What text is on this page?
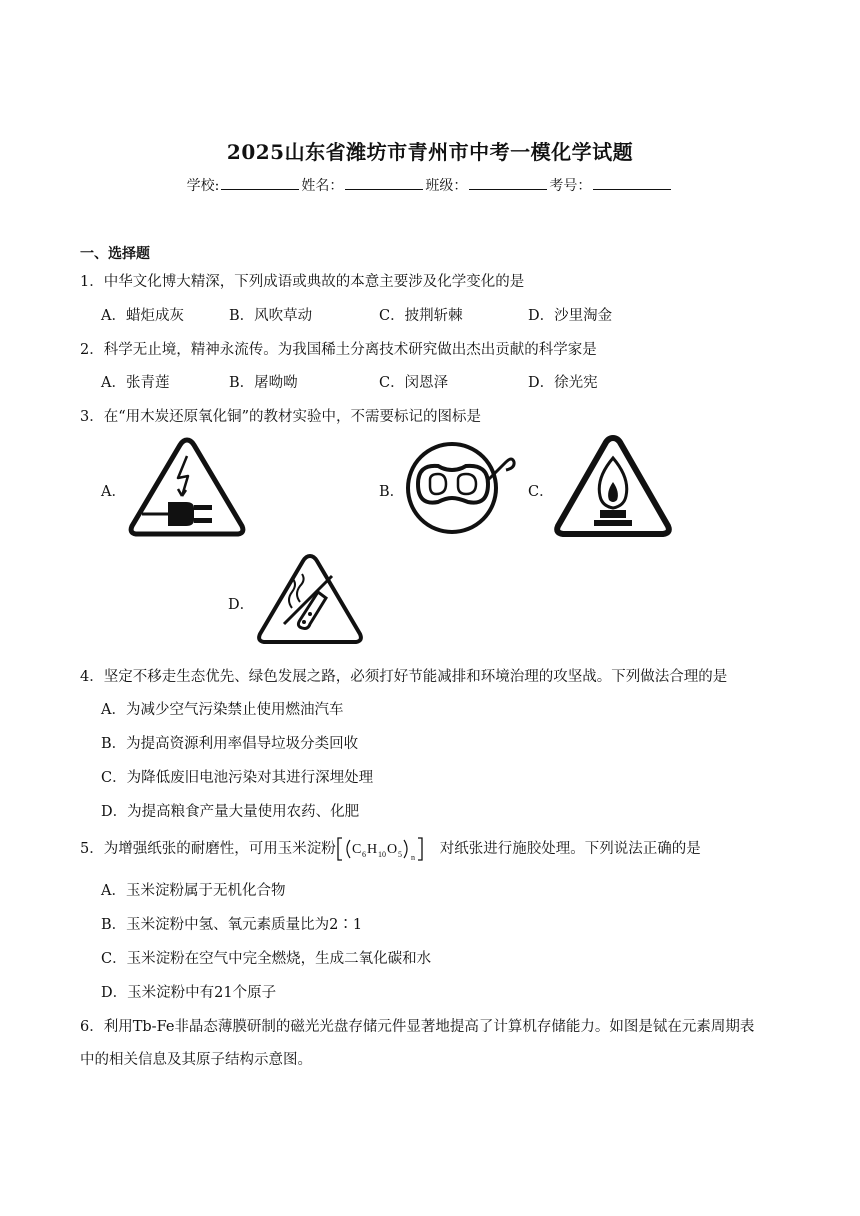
2025山东省潍坊市青州市中考一模化学试题
学校:	姓名：	班级：	考号：
一、选择题
1．中华文化博大精深，下列成语或典故的本意主要涉及化学变化的是
A．蜡炬成灰	B．风吹草动	C．披荆斩棘	D．沙里淘金
2．科学无止境，精神永流传。为我国稀土分离技术研究做出杰出贡献的科学家是
A．张青莲	B．屠呦呦	C．闵恩泽	D．徐光宪
3．在“用木炭还原氧化铜”的教材实验中，不需要标记的图标是
A．	B．	C．
D．
4．坚定不移走生态优先、绿色发展之路，必须打好节能减排和环境治理的攻坚战。下列做法合理的是
A．为减少空气污染禁止使用燃油汽车
B．为提高资源利用率倡导垃圾分类回收
C．为降低废旧电池污染对其进行深埋处理
D．为提高粮食产量大量使用农药、化肥
5．为增强纸张的耐磨性，可用玉米淀粉 C 6 H 10 O 5 n
对纸张进行施胶处理。下列说法正确的是
A．玉米淀粉属于无机化合物
B．玉米淀粉中氢、氧元素质量比为2∶1
C．玉米淀粉在空气中完全燃烧，生成二氧化碳和水
D．玉米淀粉中有21个原子
6．利用Tb-Fe非晶态薄膜研制的磁光光盘存储元件显著地提高了计算机存储能力。如图是铽在元素周期表
中的相关信息及其原子结构示意图。
